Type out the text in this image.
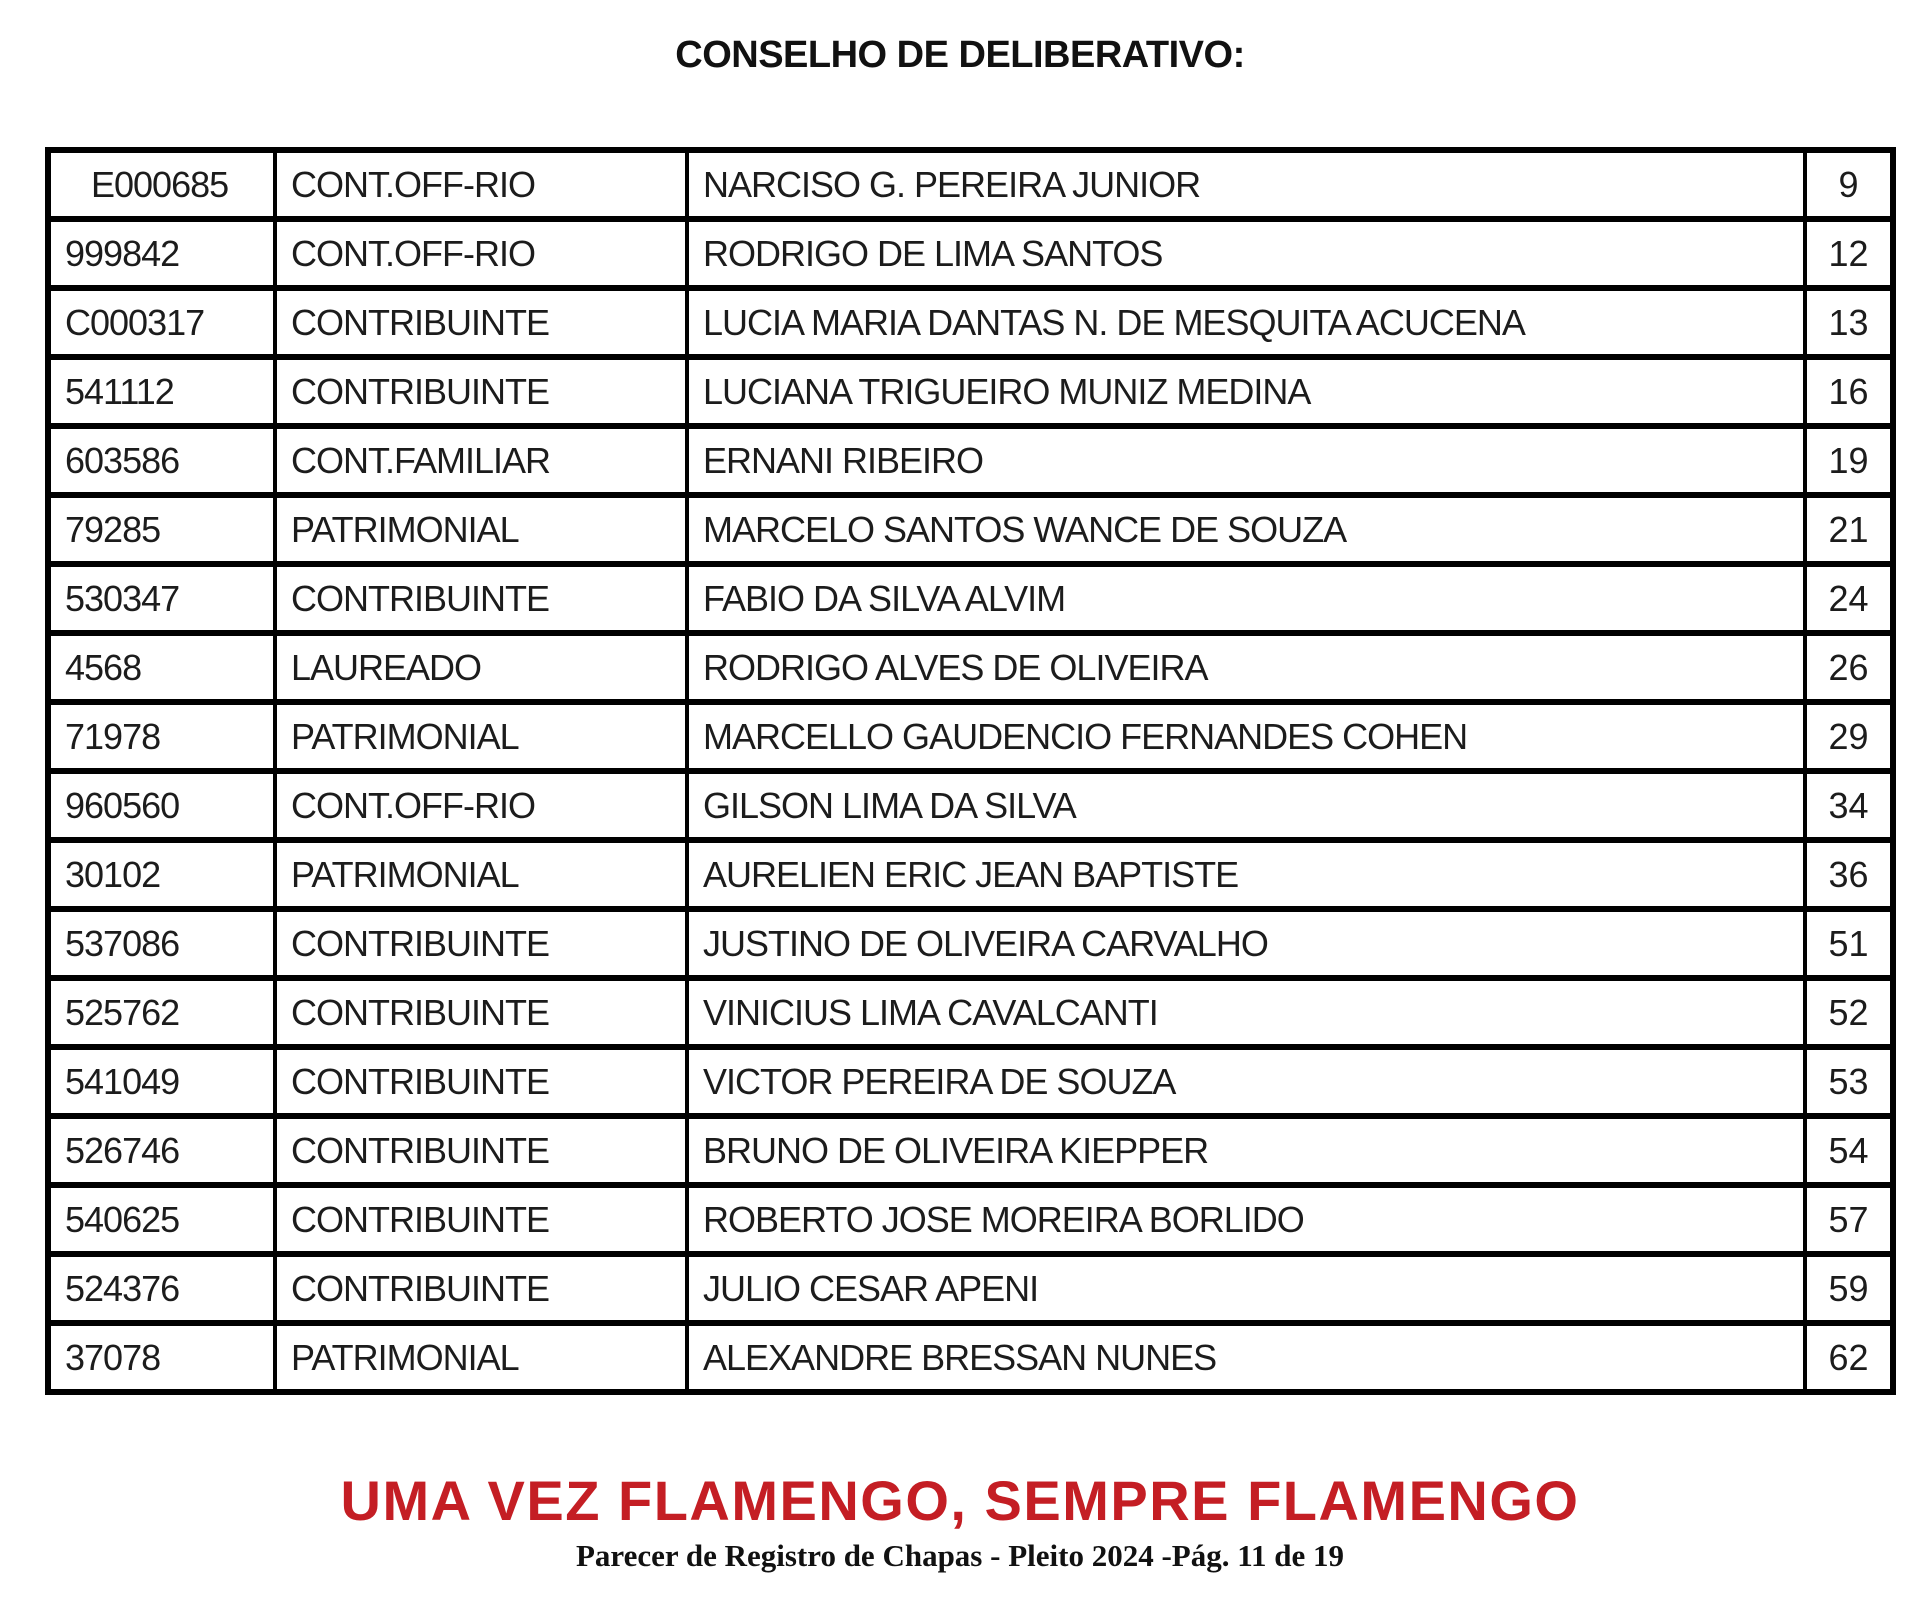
CONSELHO DE DELIBERATIVO:
E000685	CONT.OFF-RIO	NARCISO G. PEREIRA JUNIOR	9
999842	CONT.OFF-RIO	RODRIGO DE LIMA SANTOS	12
C000317	CONTRIBUINTE	LUCIA MARIA DANTAS N. DE MESQUITA ACUCENA	13
541112	CONTRIBUINTE	LUCIANA TRIGUEIRO MUNIZ MEDINA	16
603586	CONT.FAMILIAR	ERNANI RIBEIRO	19
79285	PATRIMONIAL	MARCELO SANTOS WANCE DE SOUZA	21
530347	CONTRIBUINTE	FABIO DA SILVA ALVIM	24
4568	LAUREADO	RODRIGO ALVES DE OLIVEIRA	26
71978	PATRIMONIAL	MARCELLO GAUDENCIO FERNANDES COHEN	29
960560	CONT.OFF-RIO	GILSON LIMA DA SILVA	34
30102	PATRIMONIAL	AURELIEN ERIC JEAN BAPTISTE	36
537086	CONTRIBUINTE	JUSTINO DE OLIVEIRA CARVALHO	51
525762	CONTRIBUINTE	VINICIUS LIMA CAVALCANTI	52
541049	CONTRIBUINTE	VICTOR PEREIRA DE SOUZA	53
526746	CONTRIBUINTE	BRUNO DE OLIVEIRA KIEPPER	54
540625	CONTRIBUINTE	ROBERTO JOSE MOREIRA BORLIDO	57
524376	CONTRIBUINTE	JULIO CESAR APENI	59
37078	PATRIMONIAL	ALEXANDRE BRESSAN NUNES	62
UMA VEZ FLAMENGO, SEMPRE FLAMENGO
Parecer de Registro de Chapas - Pleito 2024 -Pág. 11 de 19
